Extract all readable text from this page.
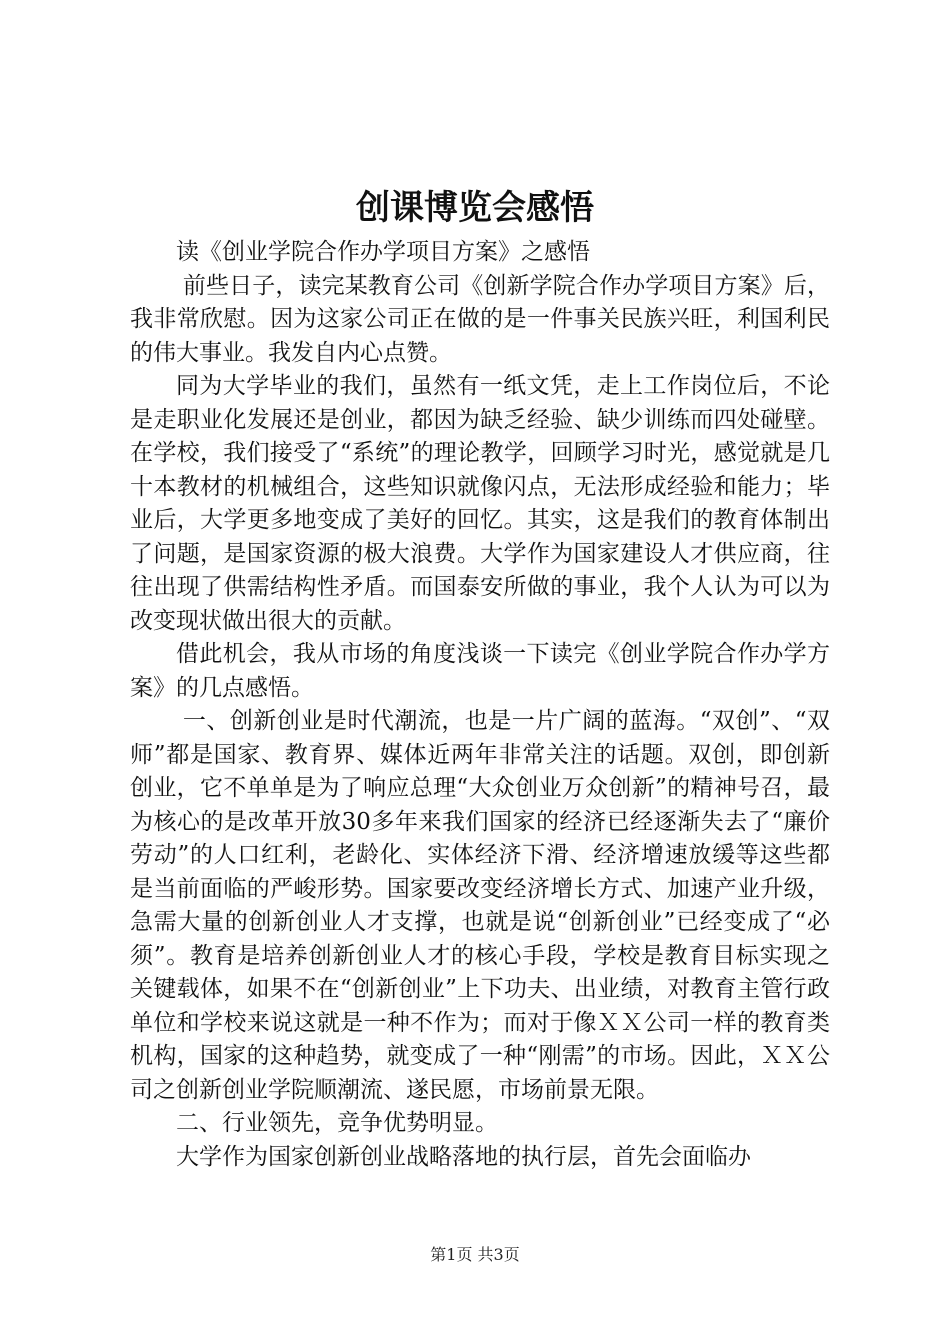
创课博览会感悟

读《创业学院合作办学项目方案》之感悟

前些日子，读完某教育公司《创新学院合作办学项目方案》后，我非常欣慰。因为这家公司正在做的是一件事关民族兴旺，利国利民的伟大事业。我发自内心点赞。

同为大学毕业的我们，虽然有一纸文凭，走上工作岗位后，不论是走职业化发展还是创业，都因为缺乏经验、缺少训练而四处碰壁。在学校，我们接受了“系统”的理论教学，回顾学习时光，感觉就是几十本教材的机械组合，这些知识就像闪点，无法形成经验和能力；毕业后，大学更多地变成了美好的回忆。其实，这是我们的教育体制出了问题，是国家资源的极大浪费。大学作为国家建设人才供应商，往往出现了供需结构性矛盾。而国泰安所做的事业，我个人认为可以为改变现状做出很大的贡献。

借此机会，我从市场的角度浅谈一下读完《创业学院合作办学方案》的几点感悟。

一、创新创业是时代潮流，也是一片广阔的蓝海。“双创”、“双师”都是国家、教育界、媒体近两年非常关注的话题。双创，即创新创业，它不单单是为了响应总理“大众创业万众创新”的精神号召，最为核心的是改革开放30多年来我们国家的经济已经逐渐失去了“廉价劳动”的人口红利，老龄化、实体经济下滑、经济增速放缓等这些都是当前面临的严峻形势。国家要改变经济增长方式、加速产业升级，急需大量的创新创业人才支撑，也就是说“创新创业”已经变成了“必须”。教育是培养创新创业人才的核心手段，学校是教育目标实现之关键载体，如果不在“创新创业”上下功夫、出业绩，对教育主管行政单位和学校来说这就是一种不作为；而对于像ＸＸ公司一样的教育类机构，国家的这种趋势，就变成了一种“刚需”的市场。因此，ＸＸ公司之创新创业学院顺潮流、遂民愿，市场前景无限。

二、行业领先，竞争优势明显。

大学作为国家创新创业战略落地的执行层，首先会面临办

第1页 共3页
